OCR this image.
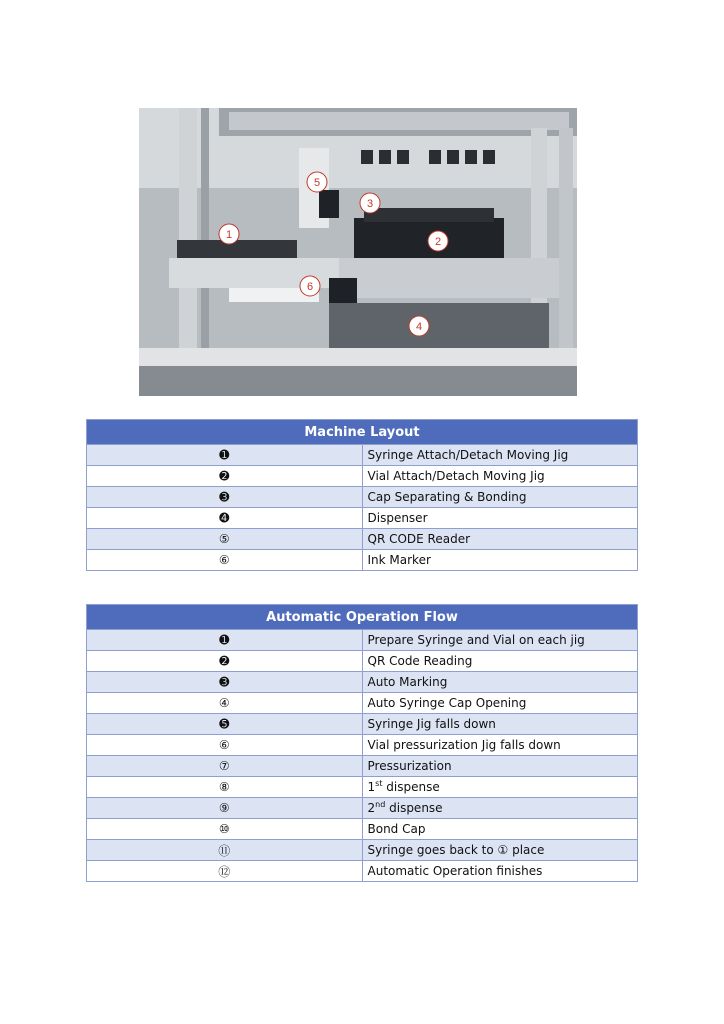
1
2
3
4
5
6
Machine Layout	
➊	Syringe Attach/Detach Moving Jig
➋	Vial Attach/Detach Moving Jig
➌	Cap Separating & Bonding
➍	Dispenser
⑤	QR CODE Reader
⑥	Ink Marker
Automatic Operation Flow	
➊	Prepare Syringe and Vial on each jig
➋	QR Code Reading
➌	Auto Marking
④	Auto Syringe Cap Opening
➎	Syringe Jig falls down
⑥	Vial pressurization Jig falls down
⑦	Pressurization
⑧	1st dispense
⑨	2nd dispense
⑩	Bond Cap
⑪	Syringe goes back to ① place
⑫	Automatic Operation finishes
